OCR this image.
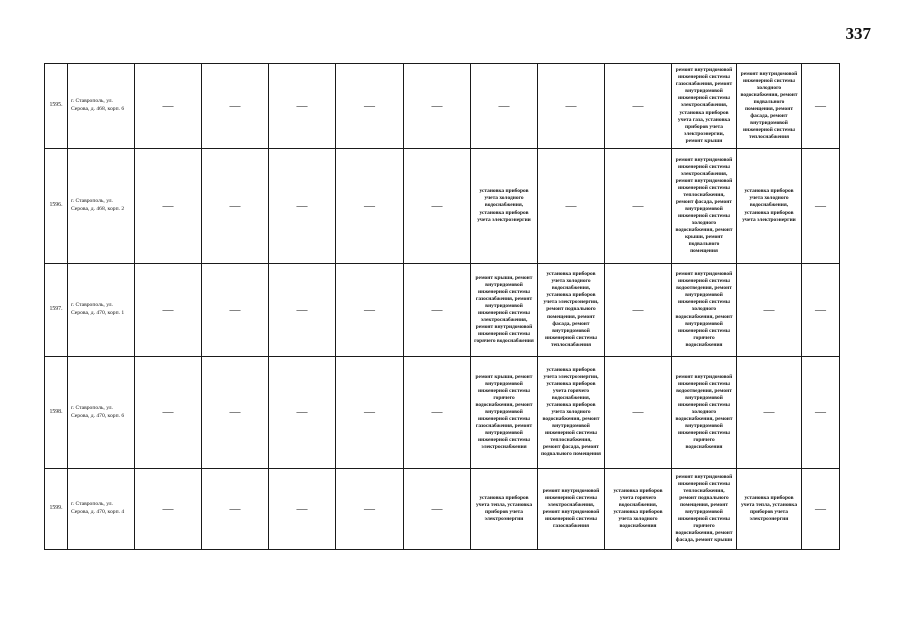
337
1595.	г. Ставрополь, ул. Серова, д. 468, корп. 6	—	—	—	—	—	—	—	—	ремонт внутридомовой инженерной системы газоснабжения, ремонт внутридомовой инженерной системы электроснабжения, установка приборов учета газа, установка приборов учета электроэнергии, ремонт крыши	ремонт внутридомовой инженерной системы холодного водоснабжения, ремонт подвального помещения, ремонт фасада, ремонт внутридомовой инженерной системы теплоснабжения	—
1596.	г. Ставрополь, ул. Серова, д. 468, корп. 2	—	—	—	—	—	установка приборов учета холодного водоснабжения, установка приборов учета электроэнергии	—	—	ремонт внутридомовой инженерной системы электроснабжения, ремонт внутридомовой инженерной системы теплоснабжения, ремонт фасада, ремонт внутридомовой инженерной системы холодного водоснабжения, ремонт крыши, ремонт подвального помещения	установка приборов учета холодного водоснабжения, установка приборов учета электроэнергии	—
1597.	г. Ставрополь, ул. Серова, д. 470, корп. 1	—	—	—	—	—	ремонт крыши, ремонт внутридомовой инженерной системы газоснабжения, ремонт внутридомовой инженерной системы электроснабжения, ремонт внутридомовой инженерной системы горячего водоснабжения	установка приборов учета холодного водоснабжения, установка приборов учета электроэнергии, ремонт подвального помещения, ремонт фасада, ремонт внутридомовой инженерной системы теплоснабжения	—	ремонт внутридомовой инженерной системы водоотведения, ремонт внутридомовой инженерной системы холодного водоснабжения, ремонт внутридомовой инженерной системы горячего водоснабжения	—	—
1598.	г. Ставрополь, ул. Серова, д. 470, корп. 6	—	—	—	—	—	ремонт крыши, ремонт внутридомовой инженерной системы горячего водоснабжения, ремонт внутридомовой инженерной системы газоснабжения, ремонт внутридомовой инженерной системы электроснабжения	установка приборов учета электроэнергии, установка приборов учета горячего водоснабжения, установка приборов учета холодного водоснабжения, ремонт внутридомовой инженерной системы теплоснабжения, ремонт фасада, ремонт подвального помещения	—	ремонт внутридомовой инженерной системы водоотведения, ремонт внутридомовой инженерной системы холодного водоснабжения, ремонт внутридомовой инженерной системы горячего водоснабжения	—	—
1599.	г. Ставрополь, ул. Серова, д. 470, корп. 4	—	—	—	—	—	установка приборов учета тепла, установка приборов учета электроэнергии	ремонт внутридомовой инженерной системы электроснабжения, ремонт внутридомовой инженерной системы газоснабжения	установка приборов учета горячего водоснабжения, установка приборов учета холодного водоснабжения	ремонт внутридомовой инженерной системы теплоснабжения, ремонт подвального помещения, ремонт внутридомовой инженерной системы горячего водоснабжения, ремонт фасада, ремонт крыши	установка приборов учета тепла, установка приборов учета электроэнергии	—
